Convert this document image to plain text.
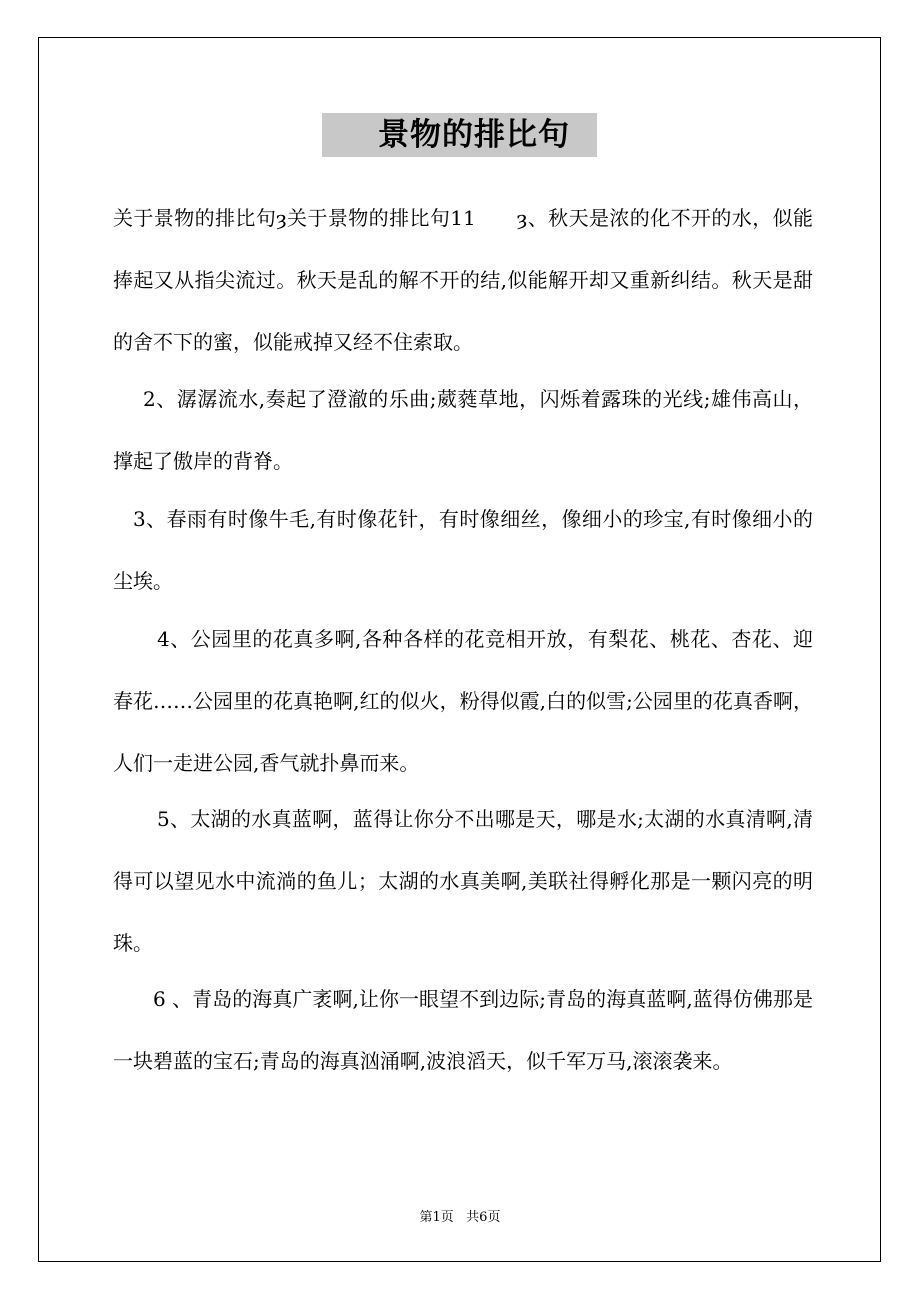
景物的排比句

关于景物的排比句ȝ关于景物的排比句11　　ȝ、秋天是浓的化不开的水，似能捧起又从指尖流过。秋天是乱的解不开的结,似能解开却又重新纠结。秋天是甜的舍不下的蜜，似能戒掉又经不住索取。

2、潺潺流水,奏起了澄澈的乐曲;葳蕤草地，闪烁着露珠的光线;雄伟高山，撑起了傲岸的背脊。

3、春雨有时像牛毛,有时像花针，有时像细丝，像细小的珍宝,有时像细小的尘埃。

4、公园里的花真多啊,各种各样的花竞相开放，有梨花、桃花、杏花、迎春花……公园里的花真艳啊,红的似火，粉得似霞,白的似雪;公园里的花真香啊，人们一走进公园,香气就扑鼻而来。

5、太湖的水真蓝啊，蓝得让你分不出哪是天，哪是水;太湖的水真清啊,清得可以望见水中流淌的鱼儿；太湖的水真美啊,美联社得孵化那是一颗闪亮的明珠。

6 、青岛的海真广袤啊,让你一眼望不到边际;青岛的海真蓝啊,蓝得仿佛那是一块碧蓝的宝石;青岛的海真汹涌啊,波浪滔天，似千军万马,滚滚袭来。

第1页   共6页
